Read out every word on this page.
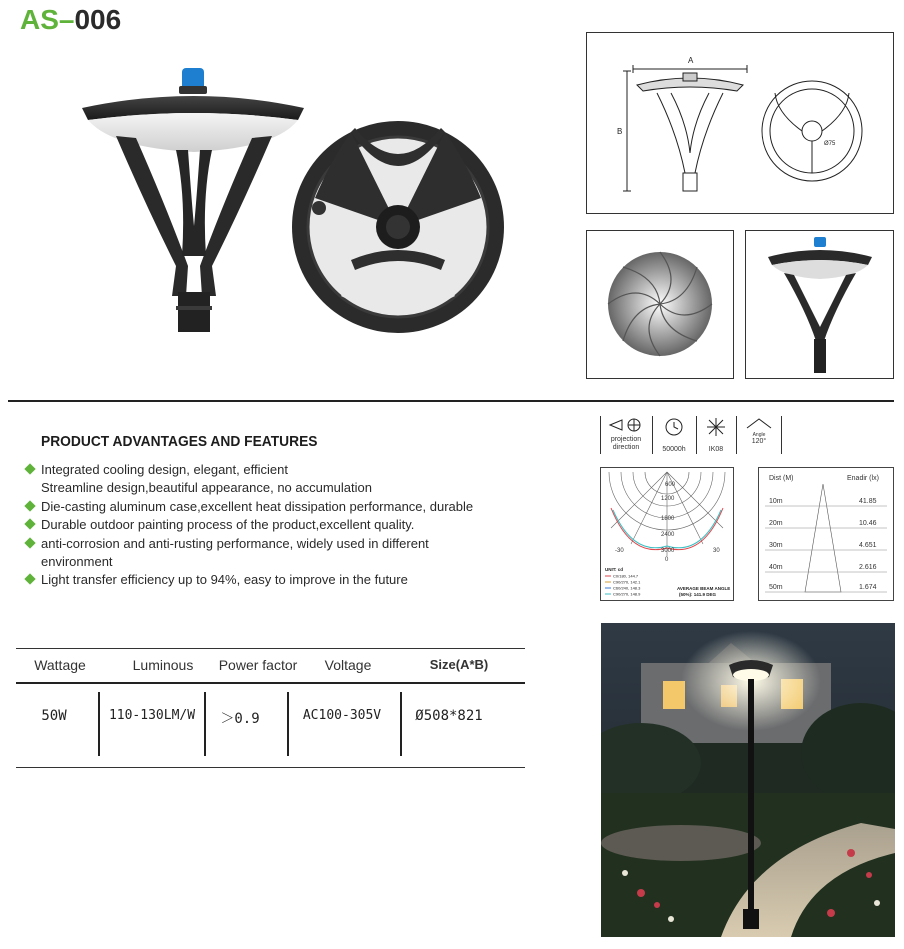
AS–006
A
B
Ø75
PRODUCT ADVANTAGES AND FEATURES
Integrated cooling design, elegant, efficient
Streamline design,beautiful appearance, no accumulation
Die-casting aluminum case,excellent heat dissipation performance, durable
Durable outdoor painting process of the product,excellent quality.
anti-corrosion and anti-rusting performance, widely used in different environment
Light transfer efficiency up to 94%, easy to improve in the future
Wattage	Luminous	Power factor	Voltage	Size(A*B)
50W	110-130LM/W	＞0.9	AC100-305V	Ø508*821
projection direction	50000h	IK08
Angle
120°
600
1200
1800
2400
3000
-30	30
0
UNIT: cd
C0/180, 144.7
C90/270, 142.1
C60/240, 148.3
C90/270, 148.9
AVERAGE BEAM ANGLE
(50%): 141.9 DEG
Dist (M)	Enadir (lx)
10m	41.85
20m	10.46
30m	4.651
40m	2.616
50m	1.674
